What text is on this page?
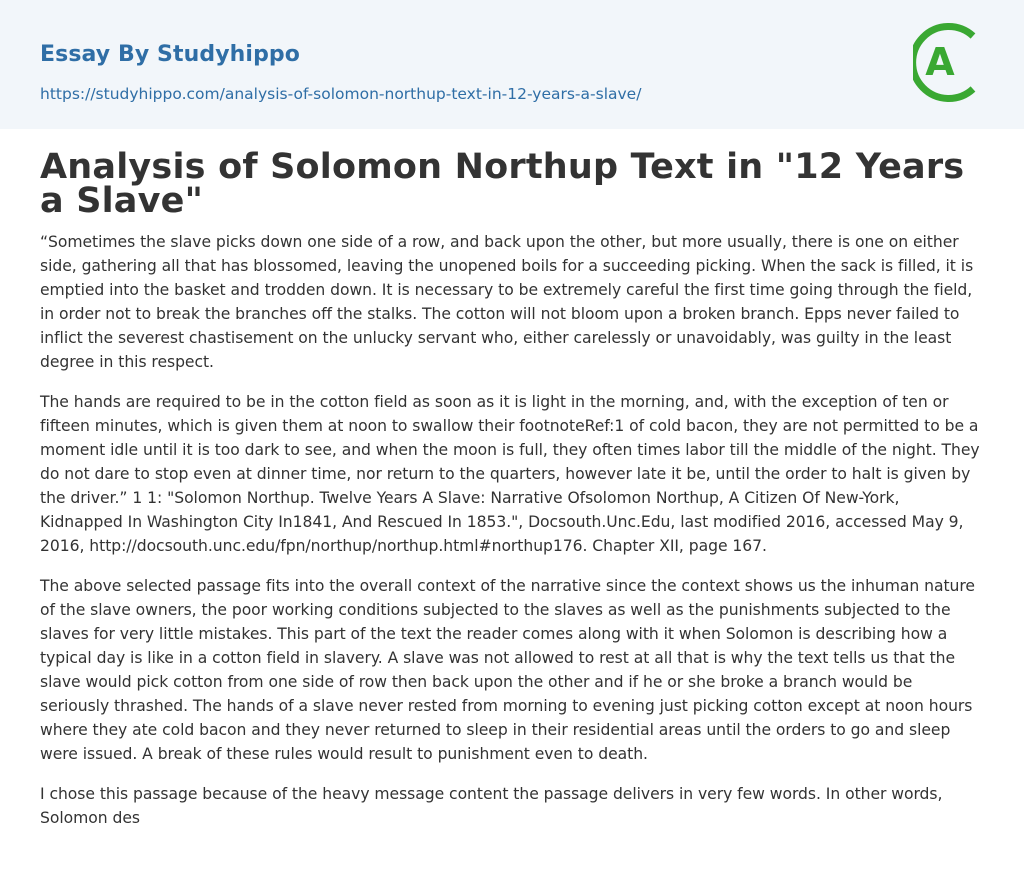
Essay By Studyhippo
https://studyhippo.com/analysis-of-solomon-northup-text-in-12-years-a-slave/
A
Analysis of Solomon Northup Text in "12 Years a Slave"

“Sometimes the slave picks down one side of a row, and back upon the other, but more usually, there is one on either side, gathering all that has blossomed, leaving the unopened boils for a succeeding picking. When the sack is filled, it is emptied into the basket and trodden down. It is necessary to be extremely careful the first time going through the field, in order not to break the branches off the stalks. The cotton will not bloom upon a broken branch. Epps never failed to inflict the severest chastisement on the unlucky servant who, either carelessly or unavoidably, was guilty in the least degree in this respect.

The hands are required to be in the cotton field as soon as it is light in the morning, and, with the exception of ten or fifteen minutes, which is given them at noon to swallow their footnoteRef:1 of cold bacon, they are not permitted to be a moment idle until it is too dark to see, and when the moon is full, they often times labor till the middle of the night. They do not dare to stop even at dinner time, nor return to the quarters, however late it be, until the order to halt is given by the driver.” 1 1: "Solomon Northup. Twelve Years A Slave: Narrative Ofsolomon Northup, A Citizen Of New-York, Kidnapped In Washington City In1841, And Rescued In 1853.", Docsouth.Unc.Edu, last modified 2016, accessed May 9, 2016, http://docsouth.unc.edu/fpn/northup/northup.html#northup176. Chapter XII, page 167.

The above selected passage fits into the overall context of the narrative since the context shows us the inhuman nature of the slave owners, the poor working conditions subjected to the slaves as well as the punishments subjected to the slaves for very little mistakes. This part of the text the reader comes along with it when Solomon is describing how a typical day is like in a cotton field in slavery. A slave was not allowed to rest at all that is why the text tells us that the slave would pick cotton from one side of row then back upon the other and if he or she broke a branch would be seriously thrashed. The hands of a slave never rested from morning to evening just picking cotton except at noon hours where they ate cold bacon and they never returned to sleep in their residential areas until the orders to go and sleep were issued. A break of these rules would result to punishment even to death.

I chose this passage because of the heavy message content the passage delivers in very few words. In other words, Solomon des
